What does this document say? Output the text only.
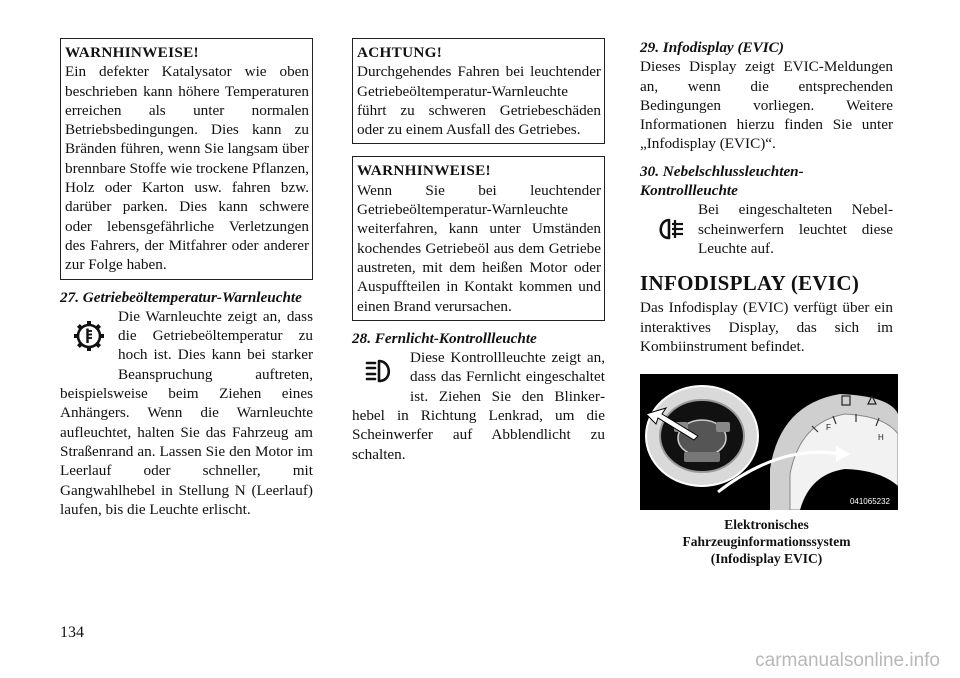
WARNHINWEISE!
Ein defekter Katalysator wie oben beschrieben kann höhere Temperaturen erreichen als unter normalen Betriebsbedingungen. Dies kann zu Bränden führen, wenn Sie langsam über brennbare Stoffe wie trockene Pflanzen, Holz oder Karton usw. fahren bzw. darüber parken. Dies kann schwere oder lebensgefährliche Verletzungen des Fahrers, der Mitfahrer oder anderer zur Folge haben.
27. Getriebeöltemperatur-Warnleuchte
Die Warnleuchte zeigt an, dass die Getriebeöltemperatur zu hoch ist. Dies kann bei starker Beanspruchung auftreten, beispielsweise beim Ziehen eines Anhängers. Wenn die Warnleuchte aufleuchtet, halten Sie das Fahrzeug am Straßenrand an. Lassen Sie den Motor im Leerlauf oder schneller, mit Gangwahlhebel in Stellung N (Leerlauf) laufen, bis die Leuchte erlischt.
ACHTUNG!
Durchgehendes Fahren bei leuchtender Getriebeöltemperatur-Warnleuchte führt zu schweren Getriebeschäden oder zu einem Ausfall des Getriebes.
WARNHINWEISE!
Wenn Sie bei leuchtender Getriebeöltemperatur-Warnleuchte weiterfahren, kann unter Umständen kochendes Getriebeöl aus dem Getriebe austreten, mit dem heißen Motor oder Auspuffteilen in Kontakt kommen und einen Brand verursachen.
28. Fernlicht-Kontrollleuchte
Diese Kontrollleuchte zeigt an, dass das Fernlicht eingeschaltet ist. Ziehen Sie den Blinkerhebel in Richtung Lenkrad, um die Scheinwerfer auf Abblendlicht zu schalten.
29. Infodisplay (EVIC)
Dieses Display zeigt EVIC-Meldungen an, wenn die entsprechenden Bedingungen vorliegen. Weitere Informationen hierzu finden Sie unter „Infodisplay (EVIC)“.
30. Nebelschlussleuchten-Kontrollleuchte
Bei eingeschalteten Nebelscheinwerfern leuchtet diese Leuchte auf.
INFODISPLAY (EVIC)
Das Infodisplay (EVIC) verfügt über ein interaktives Display, das sich im Kombiinstrument befindet.
F
H
041065232
Elektronisches
Fahrzeuginformationssystem
(Infodisplay EVIC)
134
carmanualsonline.info
